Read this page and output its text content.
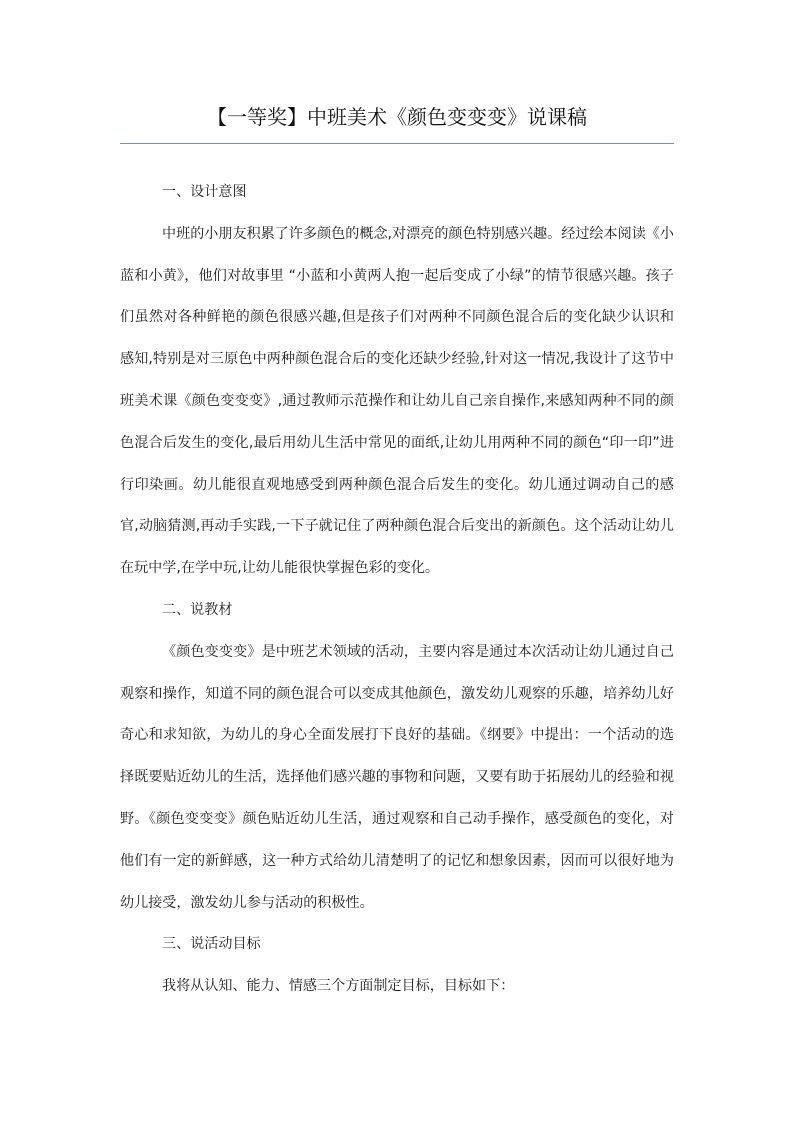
【一等奖】中班美术《颜色变变变》说课稿

一、设计意图

中班的小朋友积累了许多颜色的概念,对漂亮的颜色特别感兴趣。经过绘本阅读《小蓝和小黄》，他们对故事里 “小蓝和小黄两人抱一起后变成了小绿”的情节很感兴趣。孩子们虽然对各种鲜艳的颜色很感兴趣,但是孩子们对两种不同颜色混合后的变化缺少认识和感知,特别是对三原色中两种颜色混合后的变化还缺少经验,针对这一情况,我设计了这节中班美术课《颜色变变变》,通过教师示范操作和让幼儿自己亲自操作,来感知两种不同的颜色混合后发生的变化,最后用幼儿生活中常见的面纸,让幼儿用两种不同的颜色“印一印”进行印染画。幼儿能很直观地感受到两种颜色混合后发生的变化。幼儿通过调动自己的感官,动脑猜测,再动手实践,一下子就记住了两种颜色混合后变出的新颜色。这个活动让幼儿在玩中学,在学中玩,让幼儿能很快掌握色彩的变化。

二、说教材

《颜色变变变》是中班艺术领域的活动，主要内容是通过本次活动让幼儿通过自己观察和操作，知道不同的颜色混合可以变成其他颜色，激发幼儿观察的乐趣，培养幼儿好奇心和求知欲，为幼儿的身心全面发展打下良好的基础。《纲要》中提出：一个活动的选择既要贴近幼儿的生活，选择他们感兴趣的事物和问题，又要有助于拓展幼儿的经验和视野。《颜色变变变》颜色贴近幼儿生活，通过观察和自己动手操作，感受颜色的变化，对他们有一定的新鲜感，这一种方式给幼儿清楚明了的记忆和想象因素，因而可以很好地为幼儿接受，激发幼儿参与活动的积极性。

三、说活动目标

我将从认知、能力、情感三个方面制定目标，目标如下：
